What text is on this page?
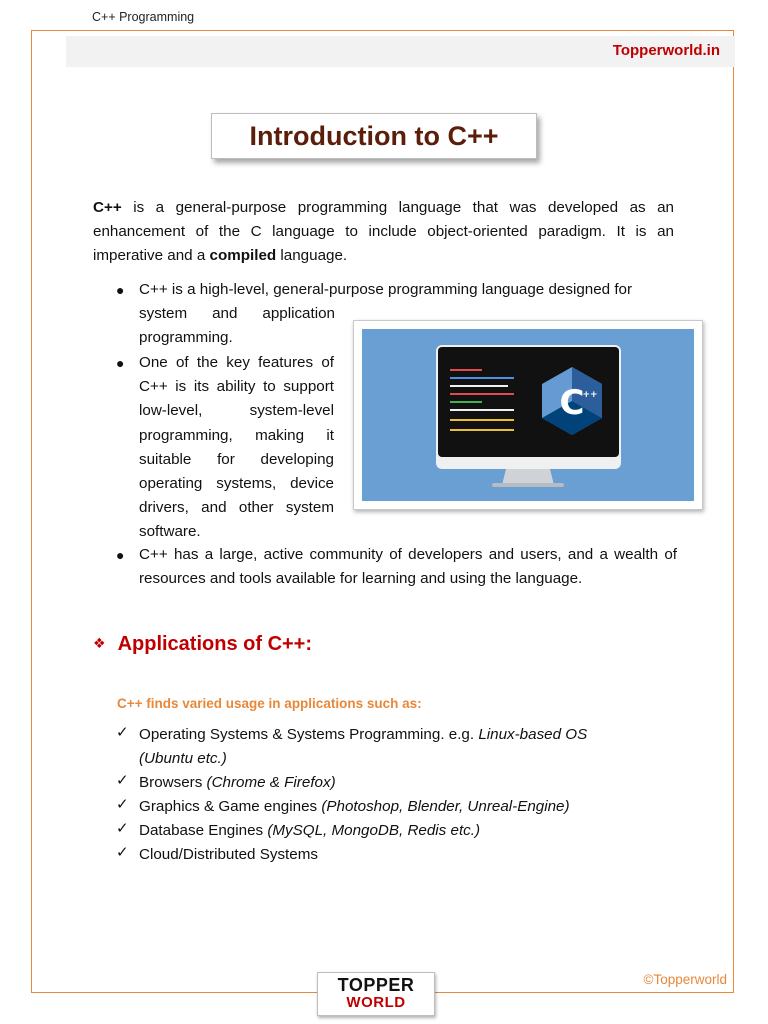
C++ Programming
Topperworld.in
Introduction to C++

C++ is a general-purpose programming language that was developed as an enhancement of the C language to include object-oriented paradigm. It is an imperative and a compiled language.

● C++ is a high-level, general-purpose programming language designed for

system and application programming.

● One of the key features of C++ is its ability to support low-level, system-level programming, making it suitable for developing operating systems, device drivers, and other system software.

● C++ has a large, active community of developers and users, and a wealth of resources and tools available for learning and using the language.

C
++
❖ Applications of C++:
C++ finds varied usage in applications such as:
✓ Operating Systems & Systems Programming. e.g. Linux-based OS

(Ubuntu etc.)

✓ Browsers (Chrome & Firefox)

✓ Graphics & Game engines (Photoshop, Blender, Unreal-Engine)

✓ Database Engines (MySQL, MongoDB, Redis etc.)

✓ Cloud/Distributed Systems

TOPPER
WORLD
©Topperworld
